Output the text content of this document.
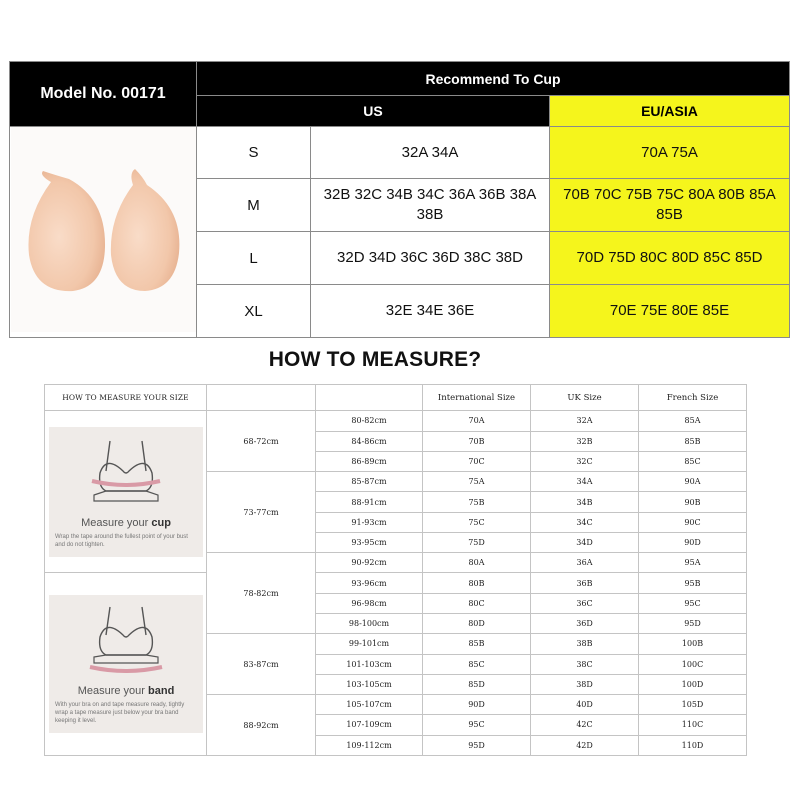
Model No. 00171	Recommend To Cup		
	US		EU/ASIA
	S	32A 34A	70A 75A
	M	32B 32C 34B 34C 36A 36B 38A 38B	70B 70C 75B 75C 80A 80B 85A 85B
	L	32D 34D 36C 36D 38C 38D	70D 75D 80C 80D 85C 85D
	XL	32E 34E 36E	70E 75E 80E 85E
HOW TO MEASURE?
HOW TO MEASURE YOUR SIZE			International Size	UK Size	French Size

Measure your cup
Wrap the tape around the fullest point of your bust and do not tighten.	68-72cm	80-82cm	70A	32A	85A
		84-86cm	70B	32B	85B
		86-89cm	70C	32C	85C
	73-77cm	85-87cm	75A	34A	90A
		88-91cm	75B	34B	90B
		91-93cm	75C	34C	90C
		93-95cm	75D	34D	90D
	78-82cm	90-92cm	80A	36A	95A

Measure your band
With your bra on and tape measure ready, tightly wrap a tape measure just below your bra band keeping it level.		93-96cm	80B	36B	95B
		96-98cm	80C	36C	95C
		98-100cm	80D	36D	95D
	83-87cm	99-101cm	85B	38B	100B
		101-103cm	85C	38C	100C
		103-105cm	85D	38D	100D
	88-92cm	105-107cm	90D	40D	105D
		107-109cm	95C	42C	110C
		109-112cm	95D	42D	110D
